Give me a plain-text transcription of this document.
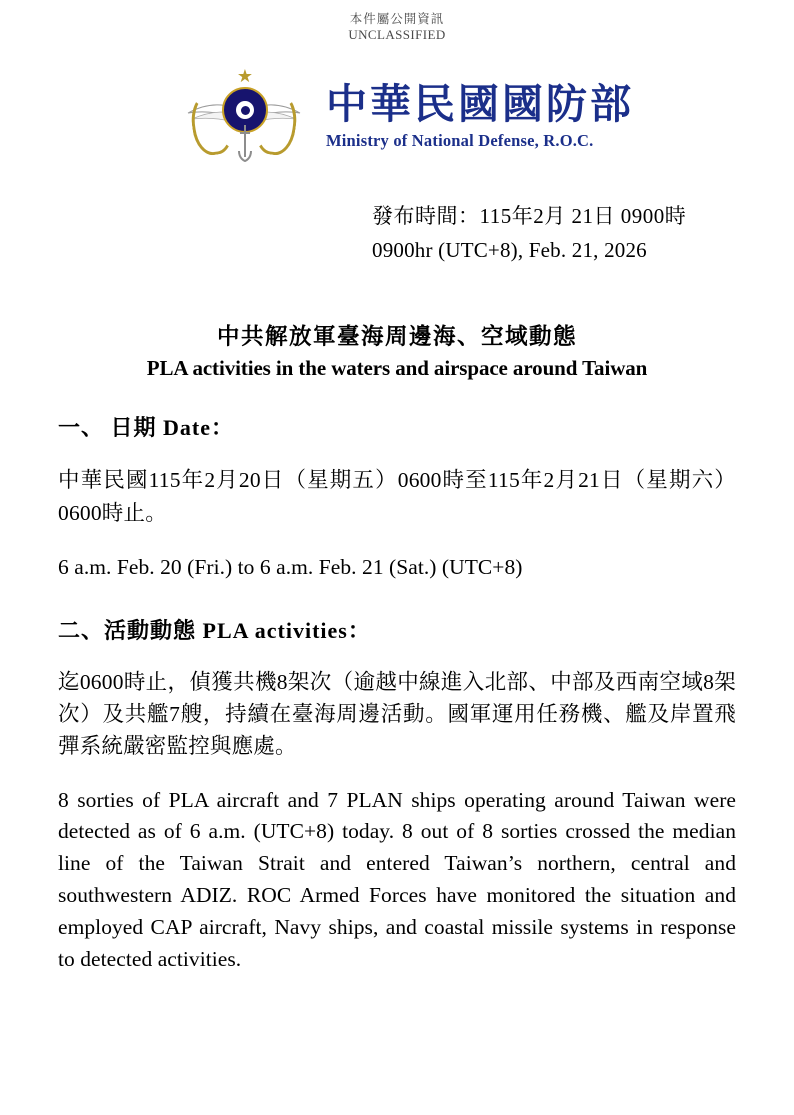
本件屬公開資訊
UNCLASSIFIED
★
中華民國國防部
Ministry of National Defense, R.O.C.
發布時間：115年2月 21日 0900時
0900hr (UTC+8), Feb. 21, 2026
中共解放軍臺海周邊海、空域動態
PLA activities in the waters and airspace around Taiwan
一、 日期 Date：
中華民國115年2月20日（星期五）0600時至115年2月21日（星期六）0600時止。
6 a.m. Feb. 20 (Fri.) to 6 a.m. Feb. 21 (Sat.) (UTC+8)
二、活動動態 PLA activities：
迄0600時止，偵獲共機8架次（逾越中線進入北部、中部及西南空域8架次）及共艦7艘，持續在臺海周邊活動。國軍運用任務機、艦及岸置飛彈系統嚴密監控與應處。
8 sorties of PLA aircraft and 7 PLAN ships operating around Taiwan were detected as of 6 a.m. (UTC+8) today. 8 out of 8 sorties crossed the median line of the Taiwan Strait and entered Taiwan’s northern, central and southwestern ADIZ. ROC Armed Forces have monitored the situation and employed CAP aircraft, Navy ships, and coastal missile systems in response to detected activities.
